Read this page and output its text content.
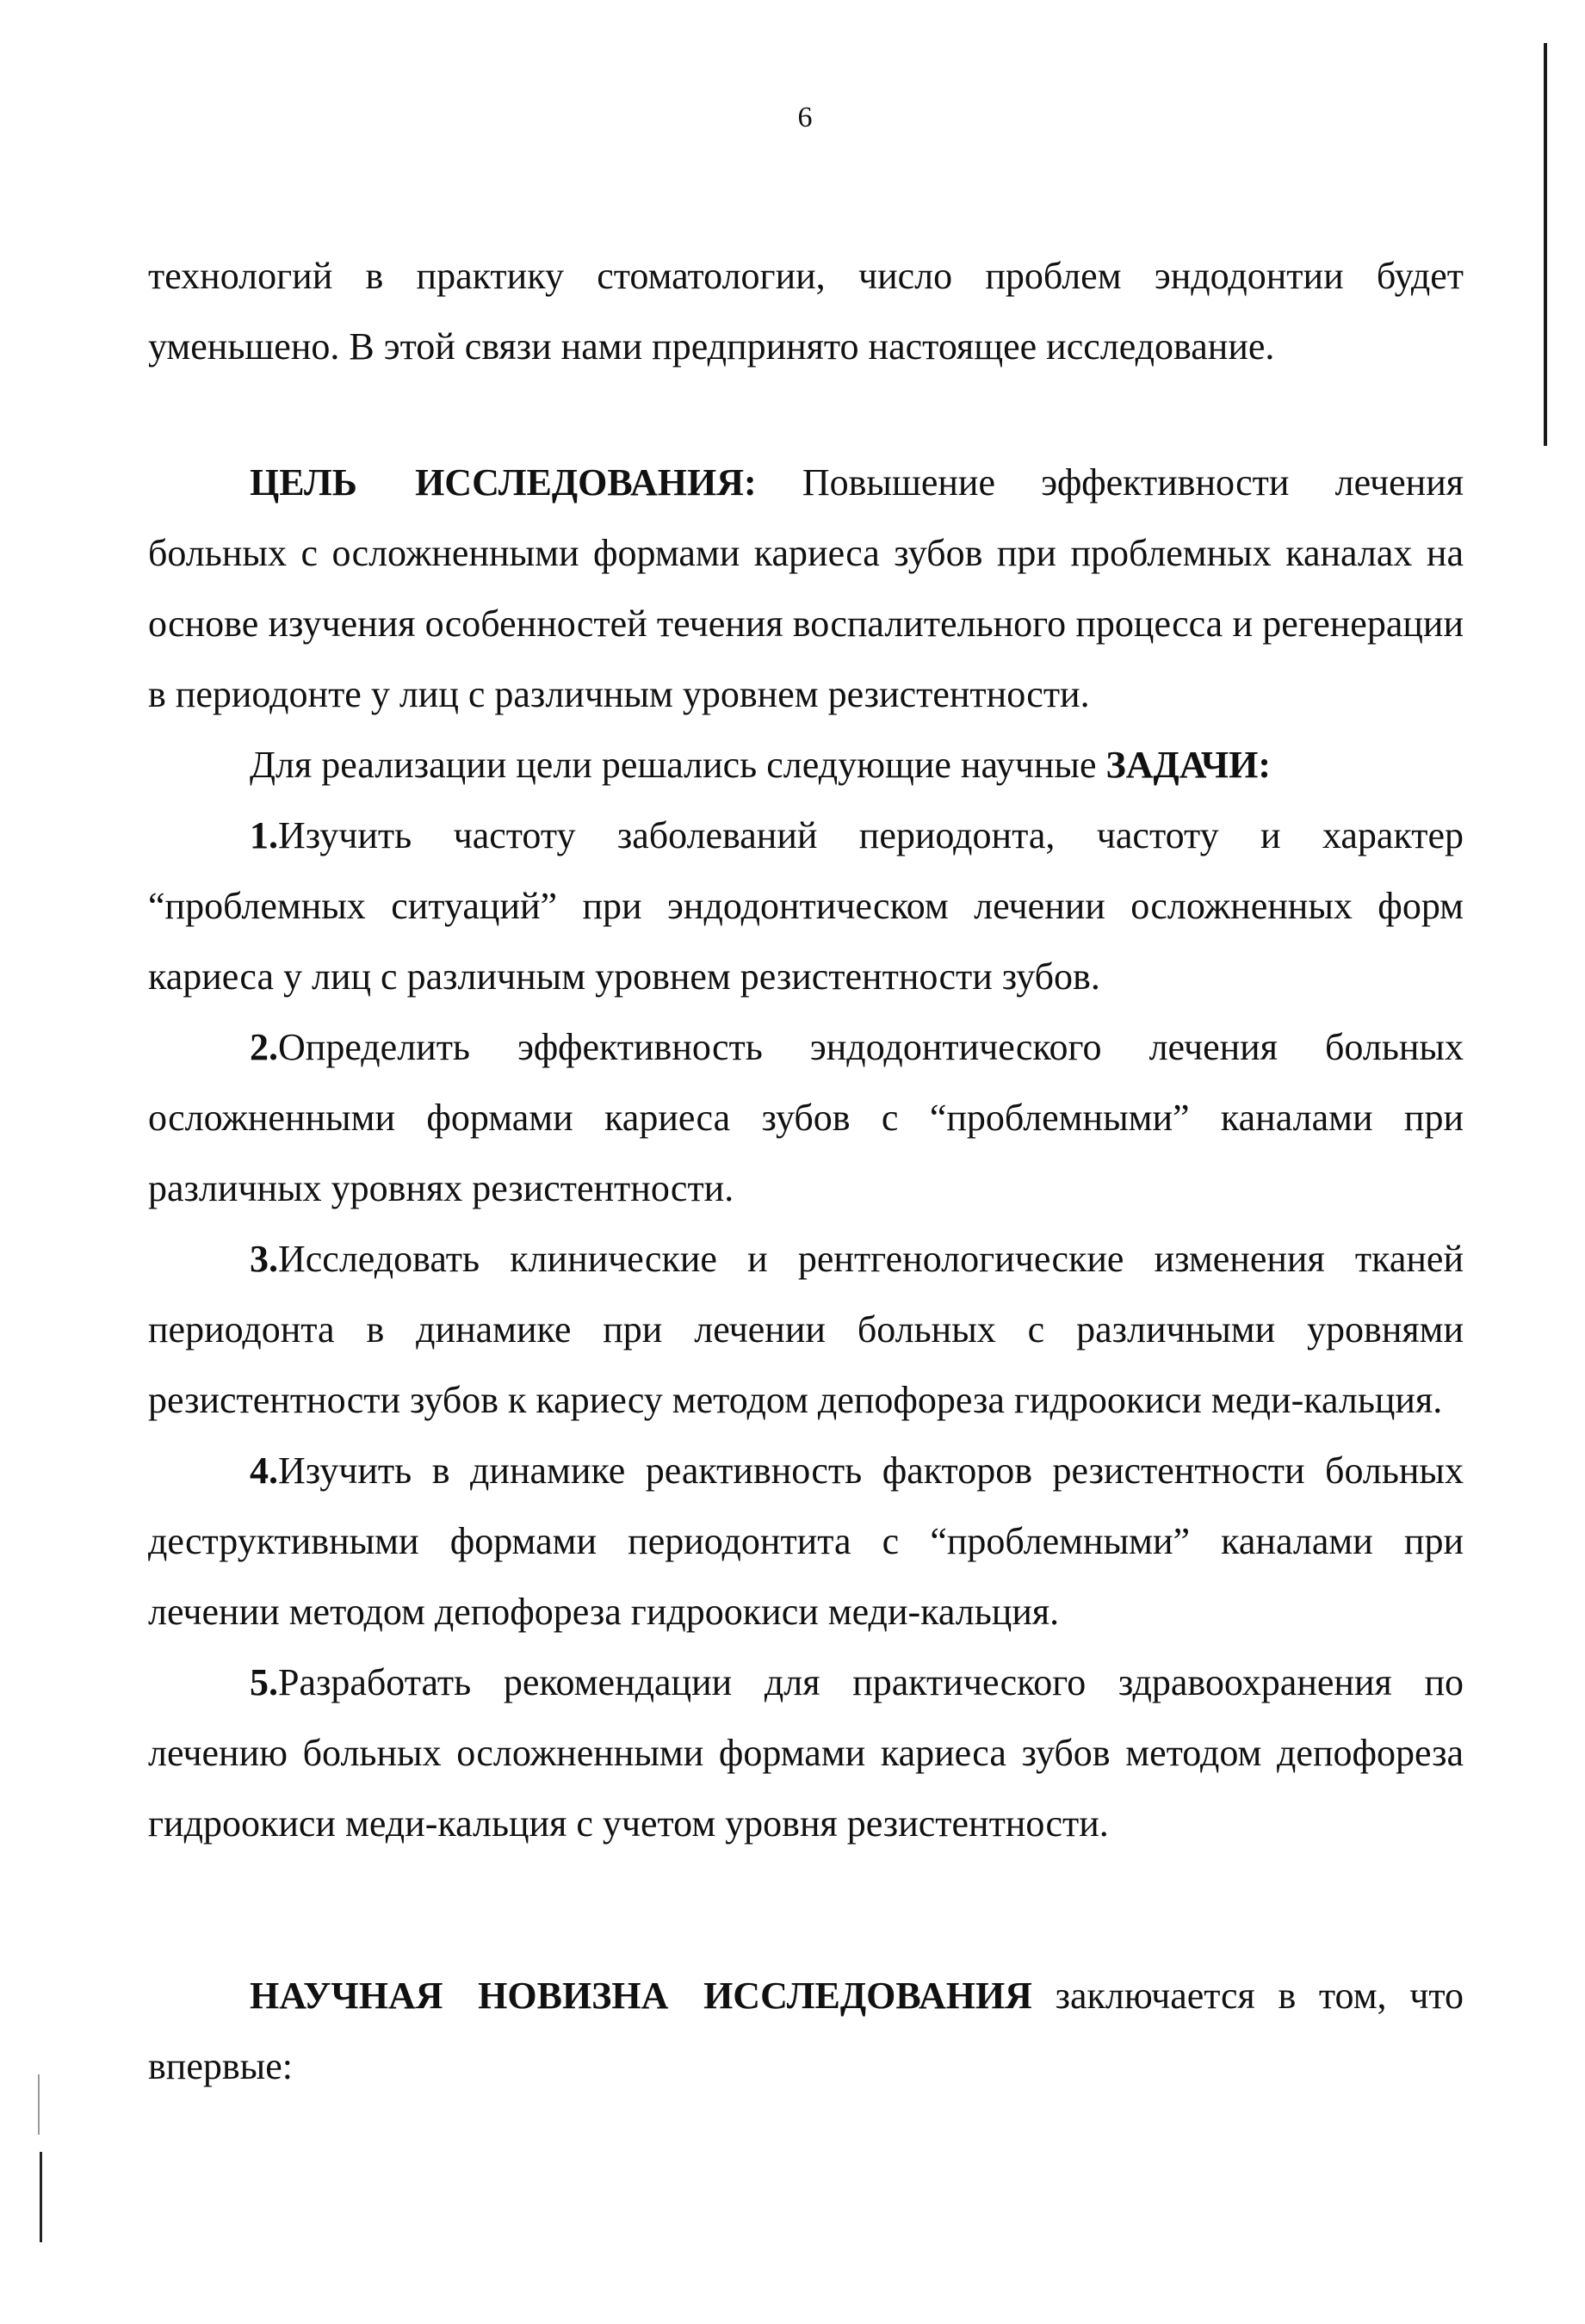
6

технологий в практику стоматологии, число проблем эндодонтии будет уменьшено. В этой связи нами предпринято настоящее исследование.

ЦЕЛЬ ИССЛЕДОВАНИЯ: Повышение эффективности лечения больных с осложненными формами кариеса зубов при проблемных каналах на основе изучения особенностей течения воспалительного процесса и регенерации в периодонте у лиц с различным уровнем резистентности.

Для реализации цели решались следующие научные ЗАДАЧИ:

1.Изучить частоту заболеваний периодонта, частоту и характер “проблемных ситуаций” при эндодонтическом лечении осложненных форм кариеса у лиц с различным уровнем резистентности зубов.

2.Определить эффективность эндодонтического лечения больных осложненными формами кариеса зубов с “проблемными” каналами при различных уровнях резистентности.

3.Исследовать клинические и рентгенологические изменения тканей периодонта в динамике при лечении больных с различными уровнями резистентности зубов к кариесу методом депофореза гидроокиси меди-кальция.

4.Изучить в динамике реактивность факторов резистентности больных деструктивными формами периодонтита с “проблемными” каналами при лечении методом депофореза гидроокиси меди-кальция.

5.Разработать рекомендации для практического здравоохранения по лечению больных осложненными формами кариеса зубов методом депофореза гидроокиси меди-кальция с учетом уровня резистентности.

НАУЧНАЯ НОВИЗНА ИССЛЕДОВАНИЯ заключается в том, что впервые:
